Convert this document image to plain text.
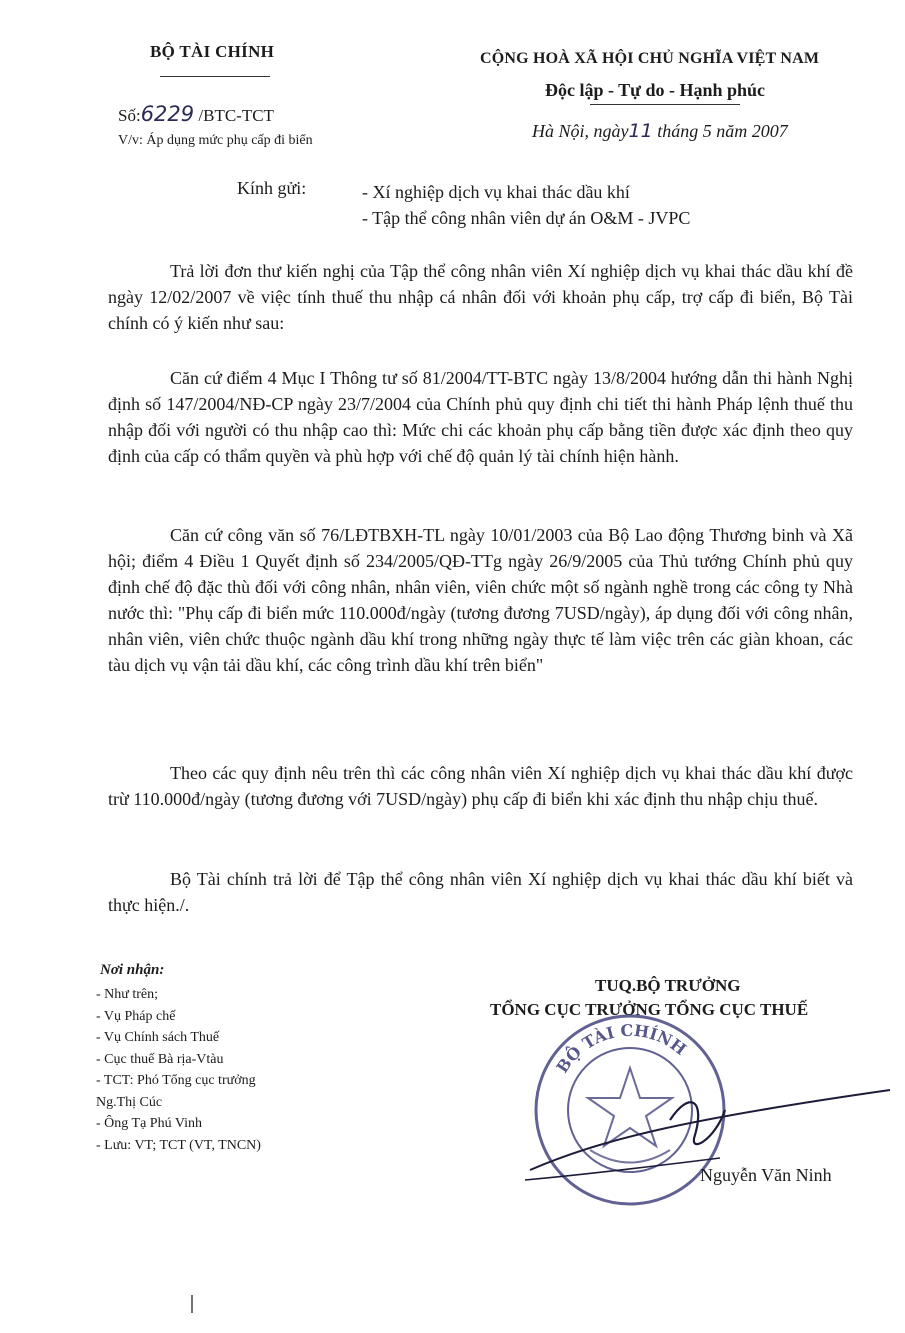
BỘ TÀI CHÍNH
Số:6229 /BTC-TCT
V/v: Áp dụng mức phụ cấp đi biển
CỘNG HOÀ XÃ HỘI CHỦ NGHĨA VIỆT NAM
Độc lập - Tự do - Hạnh phúc
Hà Nội, ngày11 tháng 5 năm 2007
Kính gửi:	- Xí nghiệp dịch vụ khai thác dầu khí
- Tập thể công nhân viên dự án O&M - JVPC
Trả lời đơn thư kiến nghị của Tập thể công nhân viên Xí nghiệp dịch vụ khai thác dầu khí đề ngày 12/02/2007 về việc tính thuế thu nhập cá nhân đối với khoản phụ cấp, trợ cấp đi biển, Bộ Tài chính có ý kiến như sau:
Căn cứ điểm 4 Mục I Thông tư số 81/2004/TT-BTC ngày 13/8/2004 hướng dẫn thi hành Nghị định số 147/2004/NĐ-CP ngày 23/7/2004 của Chính phủ quy định chi tiết thi hành Pháp lệnh thuế thu nhập đối với người có thu nhập cao thì: Mức chi các khoản phụ cấp bằng tiền được xác định theo quy định của cấp có thẩm quyền và phù hợp với chế độ quản lý tài chính hiện hành.
Căn cứ công văn số 76/LĐTBXH-TL ngày 10/01/2003 của Bộ Lao động Thương binh và Xã hội; điểm 4 Điều 1 Quyết định số 234/2005/QĐ-TTg ngày 26/9/2005 của Thủ tướng Chính phủ quy định chế độ đặc thù đối với công nhân, nhân viên, viên chức một số ngành nghề trong các công ty Nhà nước thì: "Phụ cấp đi biển mức 110.000đ/ngày (tương đương 7USD/ngày), áp dụng đối với công nhân, nhân viên, viên chức thuộc ngành dầu khí trong những ngày thực tế làm việc trên các giàn khoan, các tàu dịch vụ vận tải dầu khí, các công trình dầu khí trên biển"
Theo các quy định nêu trên thì các công nhân viên Xí nghiệp dịch vụ khai thác dầu khí được trừ 110.000đ/ngày (tương đương với 7USD/ngày) phụ cấp đi biển khi xác định thu nhập chịu thuế.
Bộ Tài chính trả lời để Tập thể công nhân viên Xí nghiệp dịch vụ khai thác dầu khí biết và thực hiện./.
Nơi nhận:
- Như trên;
- Vụ Pháp chế
- Vụ Chính sách Thuế
- Cục thuế Bà rịa-Vtàu
- TCT: Phó Tổng cục trưởng
Ng.Thị Cúc
- Ông Tạ Phú Vinh
- Lưu: VT; TCT (VT, TNCN)
TUQ.BỘ TRƯỞNG
TỔNG CỤC TRƯỞNG TỔNG CỤC THUẾ
BỘ TÀI CHÍNH
Nguyễn Văn Ninh
